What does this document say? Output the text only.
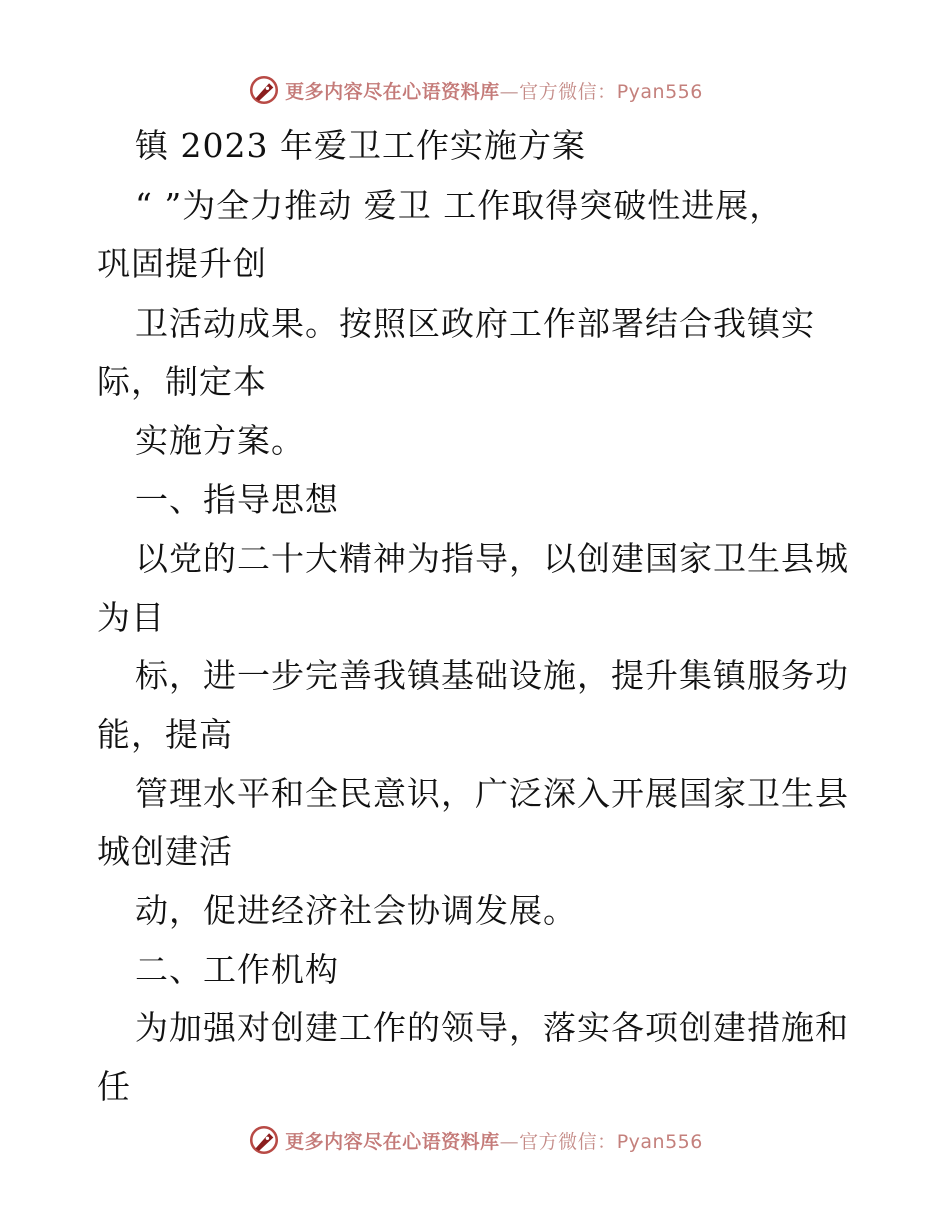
更多内容尽在心语资料库—官方微信：Pyan556
镇 2023 年爱卫工作实施方案
“ ”为全力推动 爱卫 工作取得突破性进展，
巩固提升创
卫活动成果。按照区政府工作部署结合我镇实
际，制定本
实施方案。
一、指导思想
以党的二十大精神为指导，以创建国家卫生县城
为目
标，进一步完善我镇基础设施，提升集镇服务功
能，提高
管理水平和全民意识，广泛深入开展国家卫生县
城创建活
动，促进经济社会协调发展。
二、工作机构
为加强对创建工作的领导，落实各项创建措施和
任
更多内容尽在心语资料库—官方微信：Pyan556
